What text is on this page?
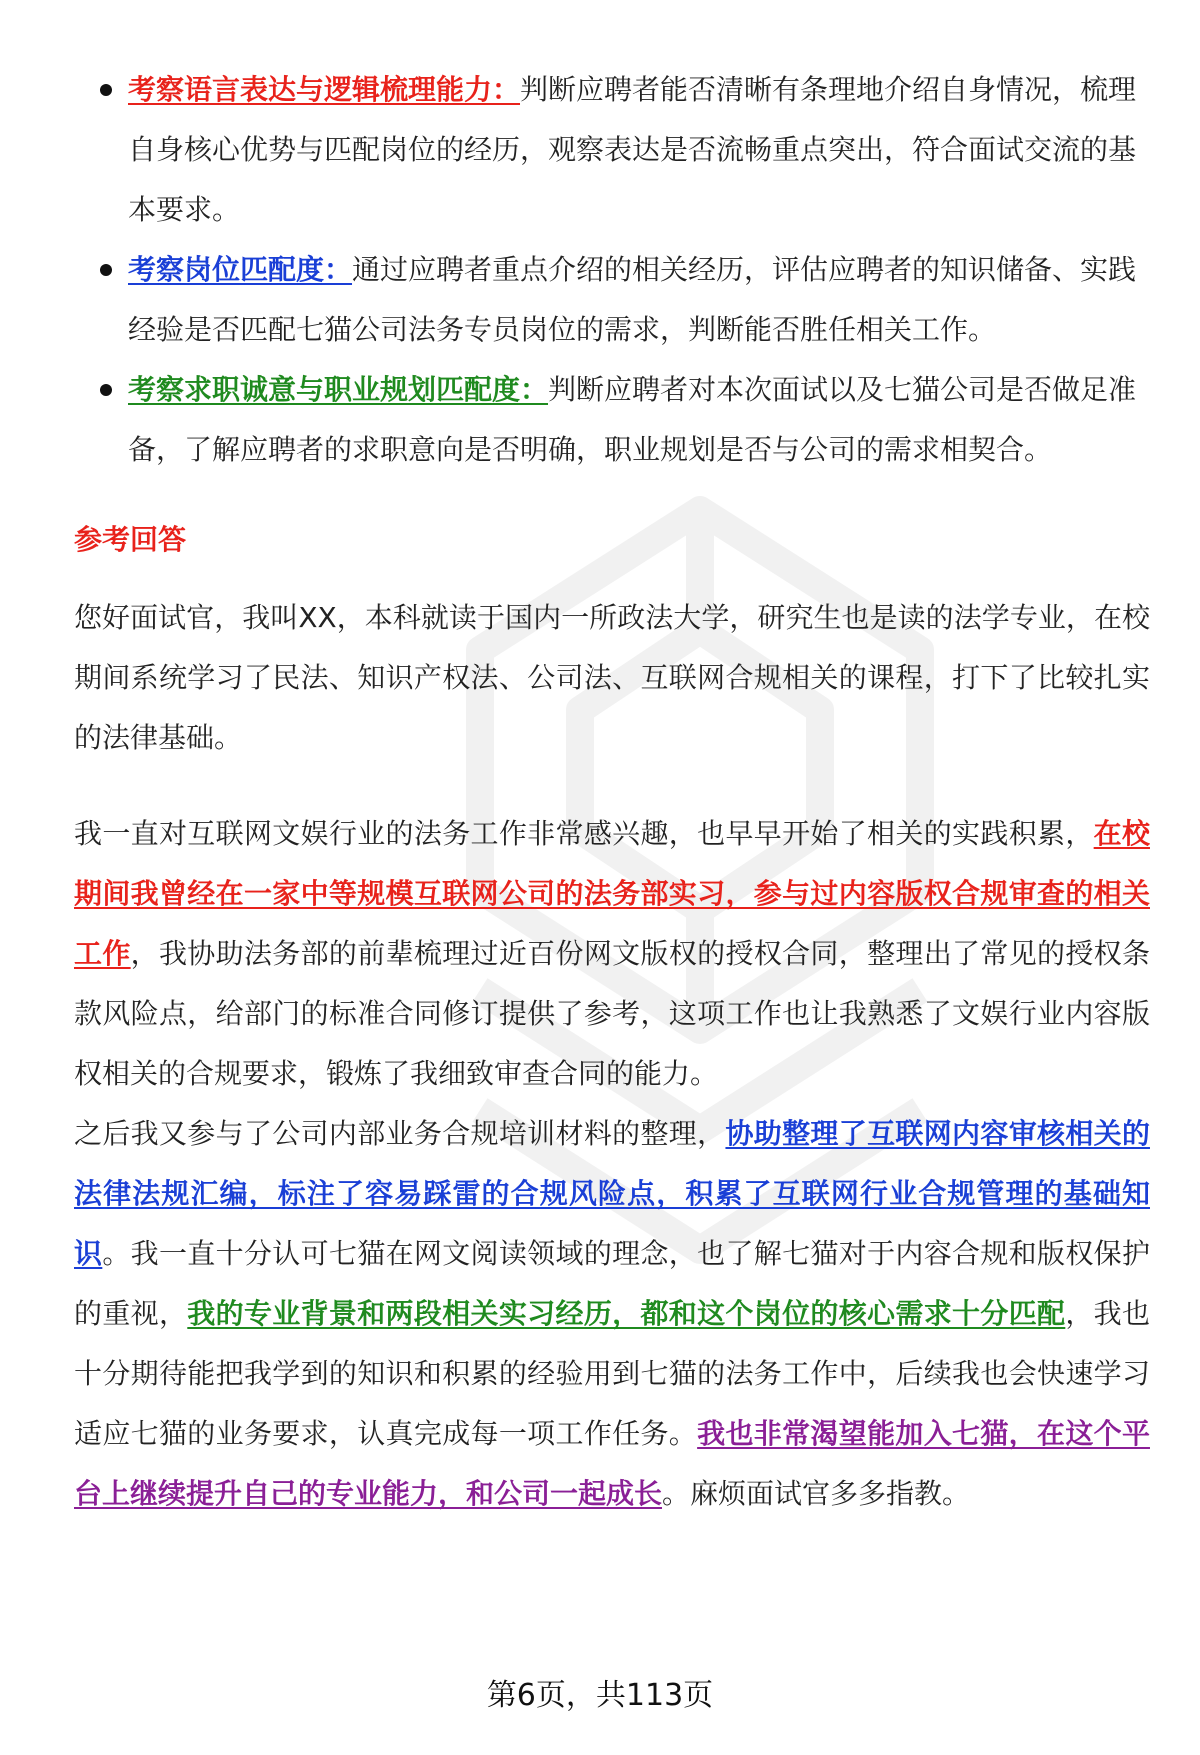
考察语言表达与逻辑梳理能力：判断应聘者能否清晰有条理地介绍自身情况，梳理自身核心优势与匹配岗位的经历，观察表达是否流畅重点突出，符合面试交流的基本要求。
考察岗位匹配度：通过应聘者重点介绍的相关经历，评估应聘者的知识储备、实践经验是否匹配七猫公司法务专员岗位的需求，判断能否胜任相关工作。
考察求职诚意与职业规划匹配度：判断应聘者对本次面试以及七猫公司是否做足准备，了解应聘者的求职意向是否明确，职业规划是否与公司的需求相契合。
参考回答

您好面试官，我叫XX，本科就读于国内一所政法大学，研究生也是读的法学专业，在校期间系统学习了民法、知识产权法、公司法、互联网合规相关的课程，打下了比较扎实的法律基础。

我一直对互联网文娱行业的法务工作非常感兴趣，也早早开始了相关的实践积累，在校期间我曾经在一家中等规模互联网公司的法务部实习，参与过内容版权合规审查的相关工作，我协助法务部的前辈梳理过近百份网文版权的授权合同，整理出了常见的授权条款风险点，给部门的标准合同修订提供了参考，这项工作也让我熟悉了文娱行业内容版权相关的合规要求，锻炼了我细致审查合同的能力。

之后我又参与了公司内部业务合规培训材料的整理，协助整理了互联网内容审核相关的法律法规汇编，标注了容易踩雷的合规风险点，积累了互联网行业合规管理的基础知识。我一直十分认可七猫在网文阅读领域的理念，也了解七猫对于内容合规和版权保护的重视，我的专业背景和两段相关实习经历，都和这个岗位的核心需求十分匹配，我也十分期待能把我学到的知识和积累的经验用到七猫的法务工作中，后续我也会快速学习适应七猫的业务要求，认真完成每一项工作任务。我也非常渴望能加入七猫，在这个平台上继续提升自己的专业能力，和公司一起成长。麻烦面试官多多指教。

第6页，共113页
